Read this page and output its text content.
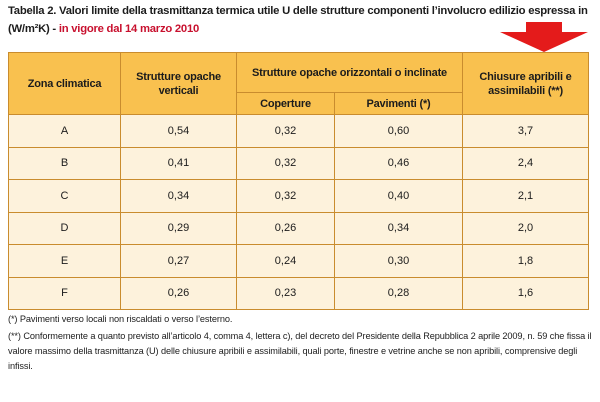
Tabella 2. Valori limite della trasmittanza termica utile U delle strutture componenti l’involucro edilizio espressa in (W/m²K) - in vigore dal 14 marzo 2010
Zona climatica	Strutture opache verticali	Strutture opache orizzontali o inclinate		Chiusure apribili e assimilabili (**)
		Coperture	Pavimenti (*)	
A	0,54	0,32	0,60	3,7
B	0,41	0,32	0,46	2,4
C	0,34	0,32	0,40	2,1
D	0,29	0,26	0,34	2,0
E	0,27	0,24	0,30	1,8
F	0,26	0,23	0,28	1,6

(*) Pavimenti verso locali non riscaldati o verso l’esterno.

(**) Conformemente a quanto previsto all’articolo 4, comma 4, lettera c), del decreto del Presidente della Repubblica 2 aprile 2009, n. 59 che fissa il valore massimo della trasmittanza (U) delle chiusure apribili e assimilabili, quali porte, finestre e vetrine anche se non apribili, comprensive degli infissi.
